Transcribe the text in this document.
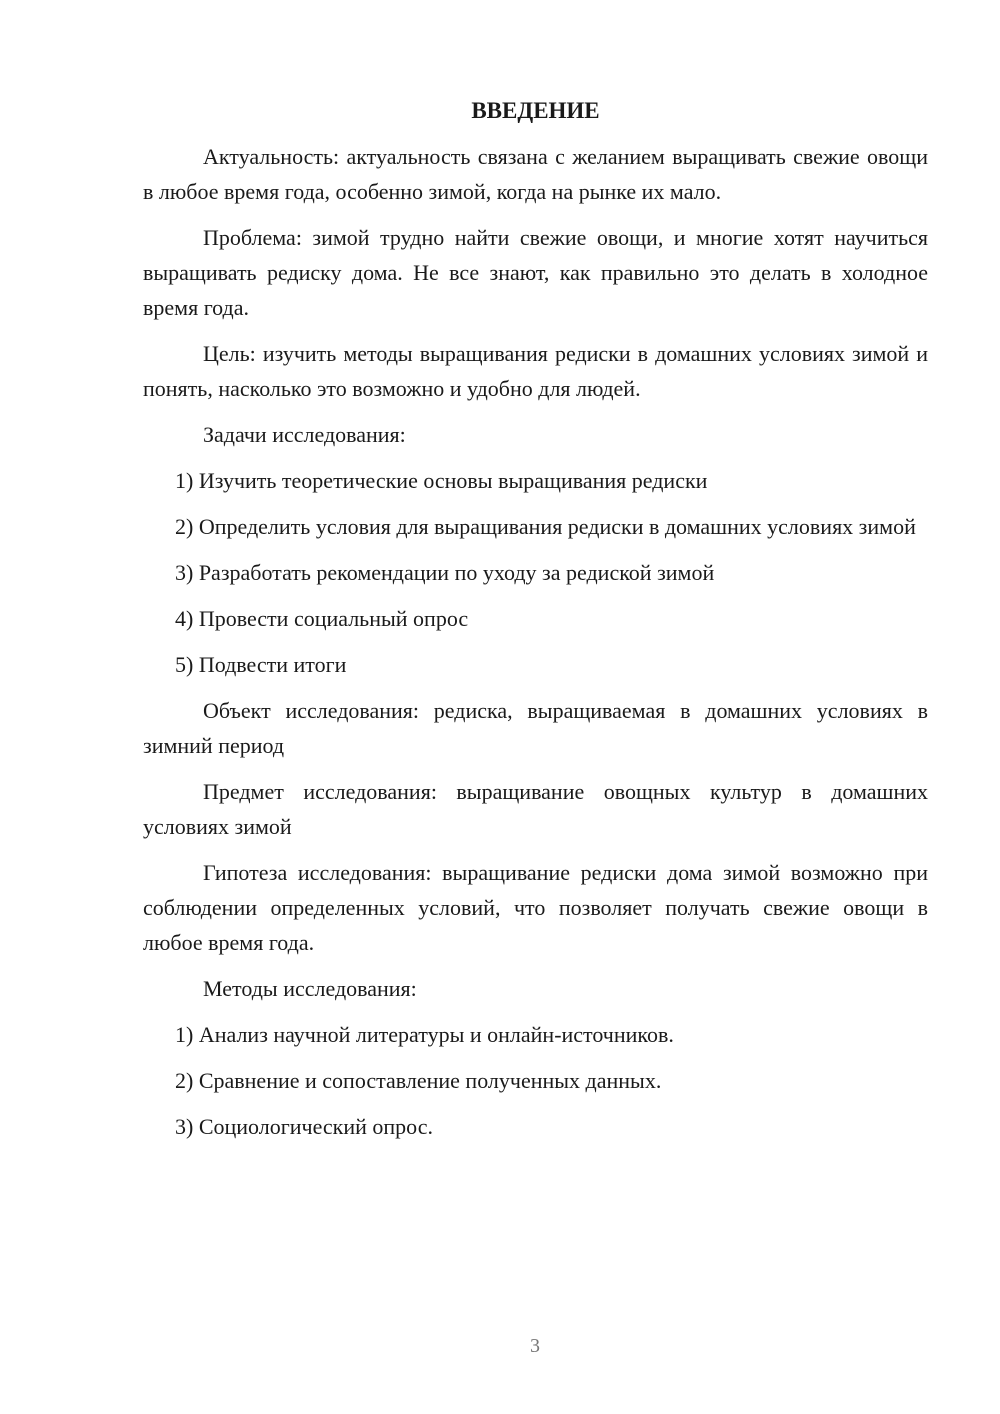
ВВЕДЕНИЕ

Актуальность: актуальность связана с желанием выращивать свежие овощи в любое время года, особенно зимой, когда на рынке их мало.

Проблема: зимой трудно найти свежие овощи, и многие хотят научиться выращивать редиску дома. Не все знают, как правильно это делать в холодное время года.

Цель: изучить методы выращивания редиски в домашних условиях зимой и понять, насколько это возможно и удобно для людей.

Задачи исследования:

1) Изучить теоретические основы выращивания редиски

2) Определить условия для выращивания редиски в домашних условиях зимой

3) Разработать рекомендации по уходу за редиской зимой

4) Провести социальный опрос

5) Подвести итоги

Объект исследования: редиска, выращиваемая в домашних условиях в зимний период

Предмет исследования: выращивание овощных культур в домашних условиях зимой

Гипотеза исследования: выращивание редиски дома зимой возможно при соблюдении определенных условий, что позволяет получать свежие овощи в любое время года.

Методы исследования:

1) Анализ научной литературы и онлайн-источников.

2) Сравнение и сопоставление полученных данных.

3) Социологический опрос.

3
